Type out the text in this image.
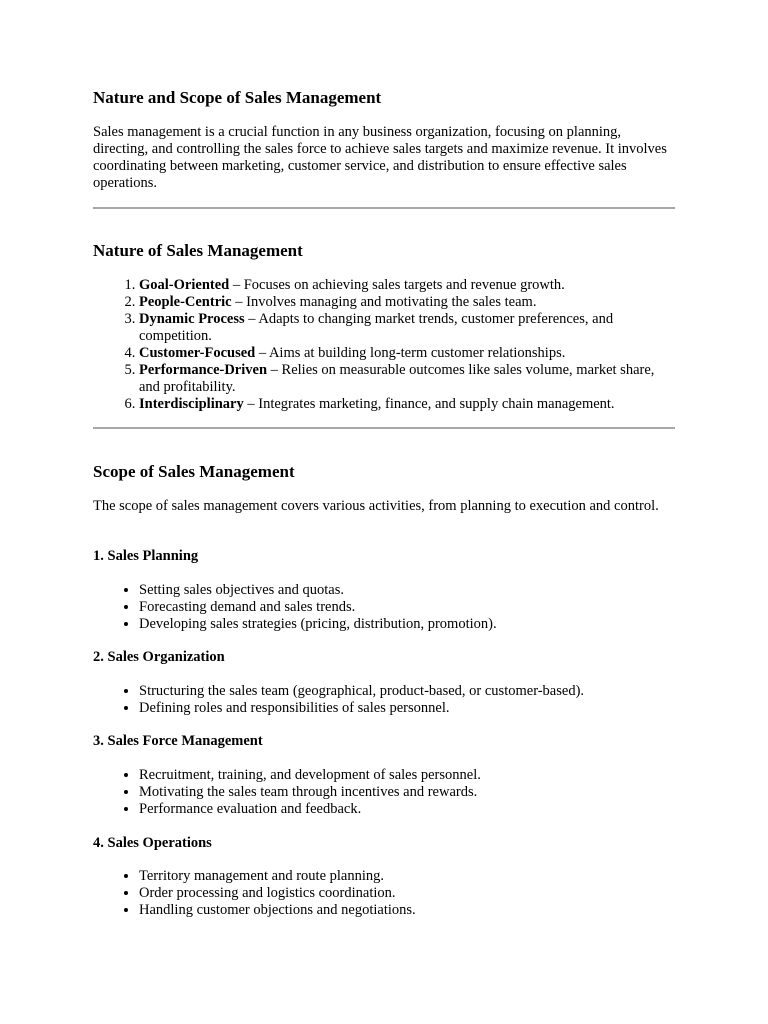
Nature and Scope of Sales Management

Sales management is a crucial function in any business organization, focusing on planning, directing, and controlling the sales force to achieve sales targets and maximize revenue. It involves coordinating between marketing, customer service, and distribution to ensure effective sales operations.

Nature of Sales Management
1. Goal-Oriented – Focuses on achieving sales targets and revenue growth.
2. People-Centric – Involves managing and motivating the sales team.
3. Dynamic Process – Adapts to changing market trends, customer preferences, and competition.
4. Customer-Focused – Aims at building long-term customer relationships.
5. Performance-Driven – Relies on measurable outcomes like sales volume, market share, and profitability.
6. Interdisciplinary – Integrates marketing, finance, and supply chain management.
Scope of Sales Management

The scope of sales management covers various activities, from planning to execution and control.

1. Sales Planning
• Setting sales objectives and quotas.
• Forecasting demand and sales trends.
• Developing sales strategies (pricing, distribution, promotion).
2. Sales Organization
• Structuring the sales team (geographical, product-based, or customer-based).
• Defining roles and responsibilities of sales personnel.
3. Sales Force Management
• Recruitment, training, and development of sales personnel.
• Motivating the sales team through incentives and rewards.
• Performance evaluation and feedback.
4. Sales Operations
• Territory management and route planning.
• Order processing and logistics coordination.
• Handling customer objections and negotiations.
